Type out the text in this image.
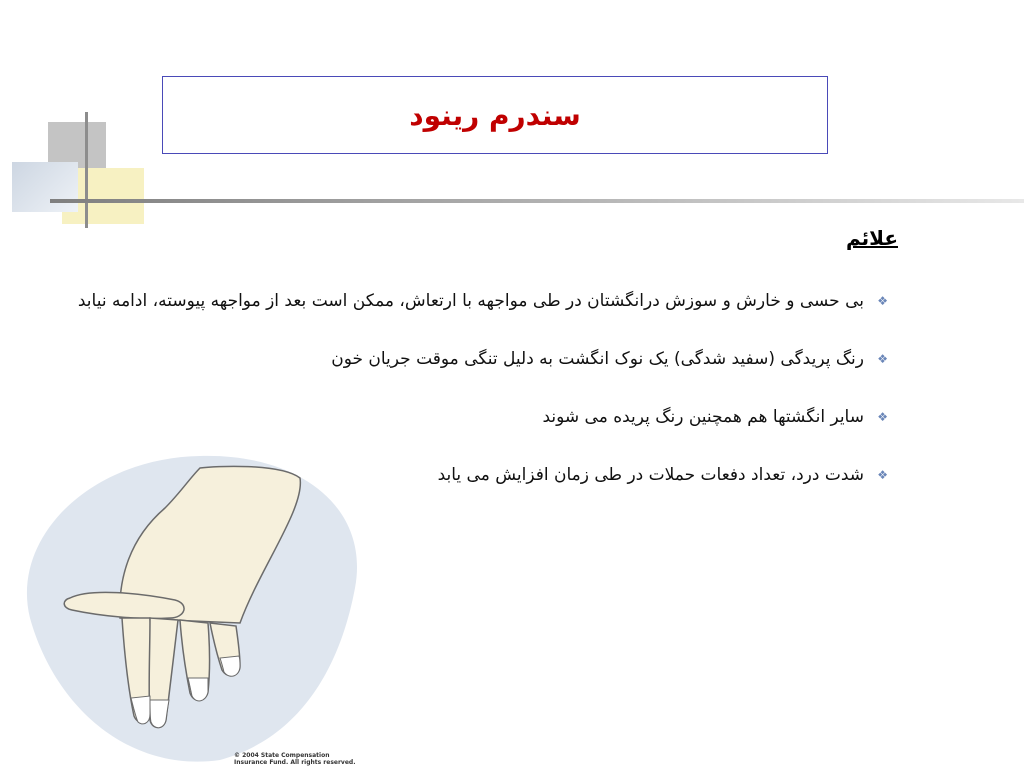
سندرم رینود
علائم
❖
بی حسی و خارش و سوزش درانگشتان در طی مواجهه با ارتعاش، ممکن است بعد از مواجهه پیوسته، ادامه نیابد
❖
رنگ پریدگی (سفید شدگی) یک نوک انگشت به دلیل تنگی موقت جریان خون
❖
سایر انگشتها هم همچنین رنگ پریده می شوند
❖
شدت درد، تعداد دفعات حملات در طی زمان افزایش می یابد
© 2004 State Compensation
Insurance Fund. All rights reserved.
